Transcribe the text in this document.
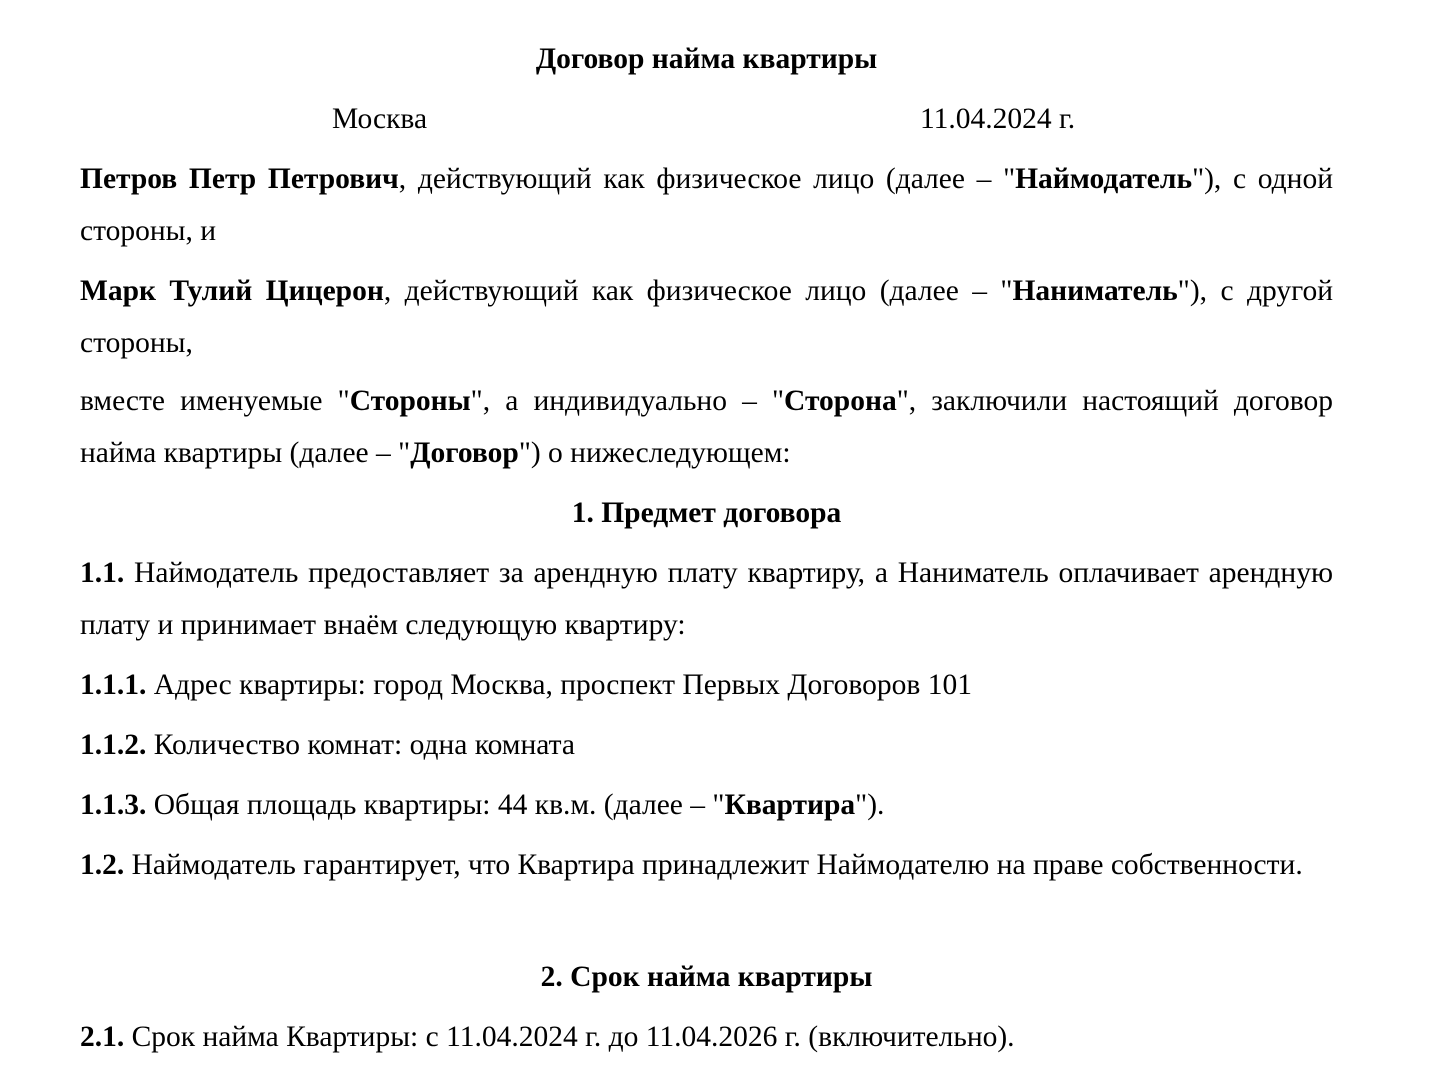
Договор найма квартиры
Москва	11.04.2024 г.
Петров Петр Петрович, действующий как физическое лицо (далее – "Наймодатель"), с одной стороны, и
Марк Тулий Цицерон, действующий как физическое лицо (далее – "Наниматель"), с другой стороны,
вместе именуемые "Стороны", а индивидуально – "Сторона", заключили настоящий договор найма квартиры (далее – "Договор") о нижеследующем:
1. Предмет договора
1.1. Наймодатель предоставляет за арендную плату квартиру, а Наниматель оплачивает арендную плату и принимает внаём следующую квартиру:
1.1.1. Адрес квартиры: город Москва, проспект Первых Договоров 101
1.1.2. Количество комнат: одна комната
1.1.3. Общая площадь квартиры: 44 кв.м. (далее – "Квартира").
1.2. Наймодатель гарантирует, что Квартира принадлежит Наймодателю на праве собственности.
2. Срок найма квартиры
2.1. Срок найма Квартиры: с 11.04.2024 г. до 11.04.2026 г. (включительно).
